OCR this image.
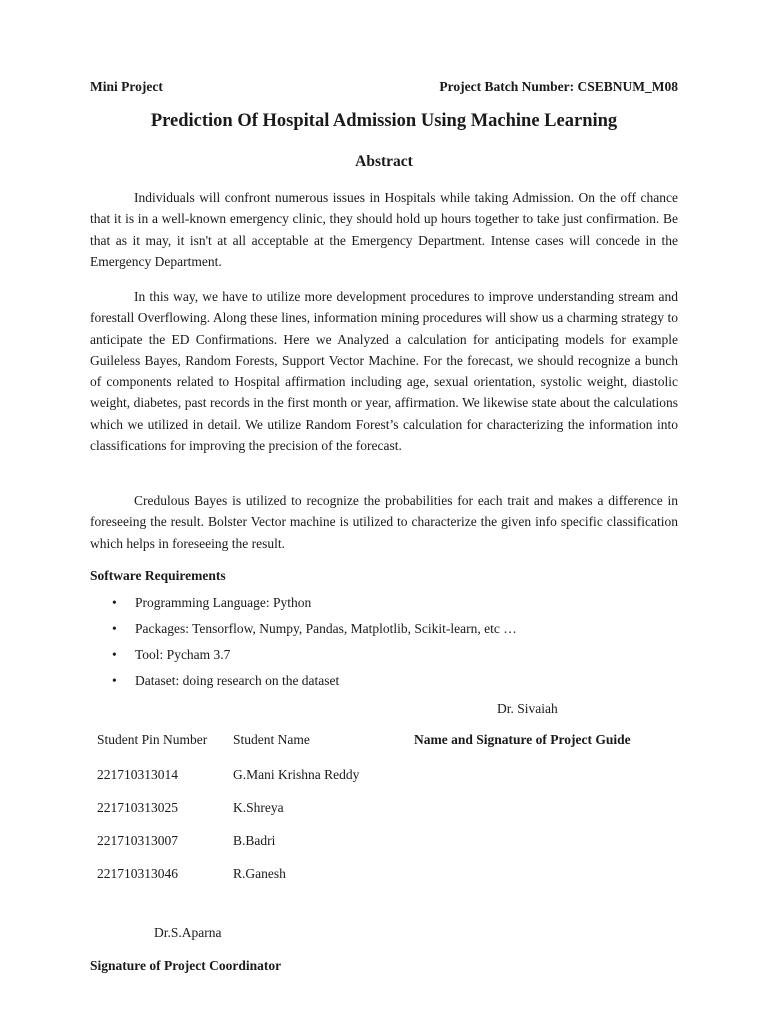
Mini Project	Project Batch Number: CSEBNUM_M08
Prediction Of Hospital Admission Using Machine Learning
Abstract

Individuals will confront numerous issues in Hospitals while taking Admission. On the off chance that it is in a well-known emergency clinic, they should hold up hours together to take just confirmation. Be that as it may, it isn't at all acceptable at the Emergency Department. Intense cases will concede in the Emergency Department.

In this way, we have to utilize more development procedures to improve understanding stream and forestall Overflowing. Along these lines, information mining procedures will show us a charming strategy to anticipate the ED Confirmations. Here we Analyzed a calculation for anticipating models for example Guileless Bayes, Random Forests, Support Vector Machine. For the forecast, we should recognize a bunch of components related to Hospital affirmation including age, sexual orientation, systolic weight, diastolic weight, diabetes, past records in the first month or year, affirmation. We likewise state about the calculations which we utilized in detail. We utilize Random Forest’s calculation for characterizing the information into classifications for improving the precision of the forecast.

Credulous Bayes is utilized to recognize the probabilities for each trait and makes a difference in foreseeing the result. Bolster Vector machine is utilized to characterize the given info specific classification which helps in foreseeing the result.

Software Requirements
• Programming Language: Python
• Packages: Tensorflow, Numpy, Pandas, Matplotlib, Scikit-learn, etc …
• Tool: Pycham 3.7
• Dataset: doing research on the dataset
Dr. Sivaiah
Student Pin Number Student Name	Name and Signature of Project Guide
221710313014	G.Mani Krishna Reddy
221710313025	K.Shreya
221710313007	B.Badri
221710313046	R.Ganesh
Dr.S.Aparna
Signature of Project Coordinator
